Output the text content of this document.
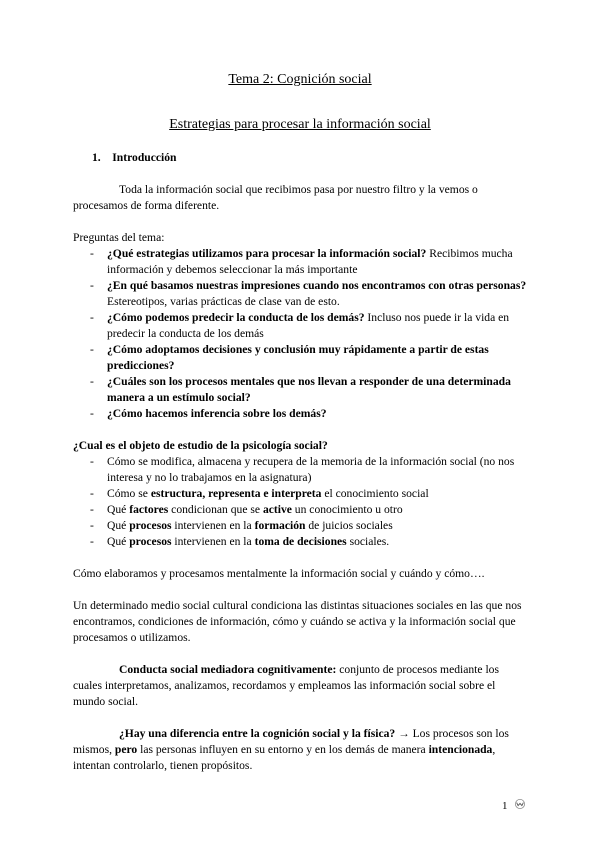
Tema 2: Cognición social
Estrategias para procesar la información social
1. Introducción
Toda la información social que recibimos pasa por nuestro filtro y la vemos o procesamos de forma diferente.
Preguntas del tema:
- ¿Qué estrategias utilizamos para procesar la información social? Recibimos mucha información y debemos seleccionar la más importante
- ¿En qué basamos nuestras impresiones cuando nos encontramos con otras personas? Estereotipos, varias prácticas de clase van de esto.
- ¿Cómo podemos predecir la conducta de los demás? Incluso nos puede ir la vida en predecir la conducta de los demás
- ¿Cómo adoptamos decisiones y conclusión muy rápidamente a partir de estas predicciones?
- ¿Cuáles son los procesos mentales que nos llevan a responder de una determinada manera a un estímulo social?
- ¿Cómo hacemos inferencia sobre los demás?
¿Cual es el objeto de estudio de la psicología social?
- Cómo se modifica, almacena y recupera de la memoria de la información social (no nos interesa y no lo trabajamos en la asignatura)
- Cómo se estructura, representa e interpreta el conocimiento social
- Qué factores condicionan que se active un conocimiento u otro
- Qué procesos intervienen en la formación de juicios sociales
- Qué procesos intervienen en la toma de decisiones sociales.
Cómo elaboramos y procesamos mentalmente la información social y cuándo y cómo….
Un determinado medio social cultural condiciona las distintas situaciones sociales en las que nos encontramos, condiciones de información, cómo y cuándo se activa y la información social que procesamos o utilizamos.
Conducta social mediadora cognitivamente: conjunto de procesos mediante los cuales interpretamos, analizamos, recordamos y empleamos las información social sobre el mundo social.
¿Hay una diferencia entre la cognición social y la física? → Los procesos son los mismos, pero las personas influyen en su entorno y en los demás de manera intencionada, intentan controlarlo, tienen propósitos.
1
